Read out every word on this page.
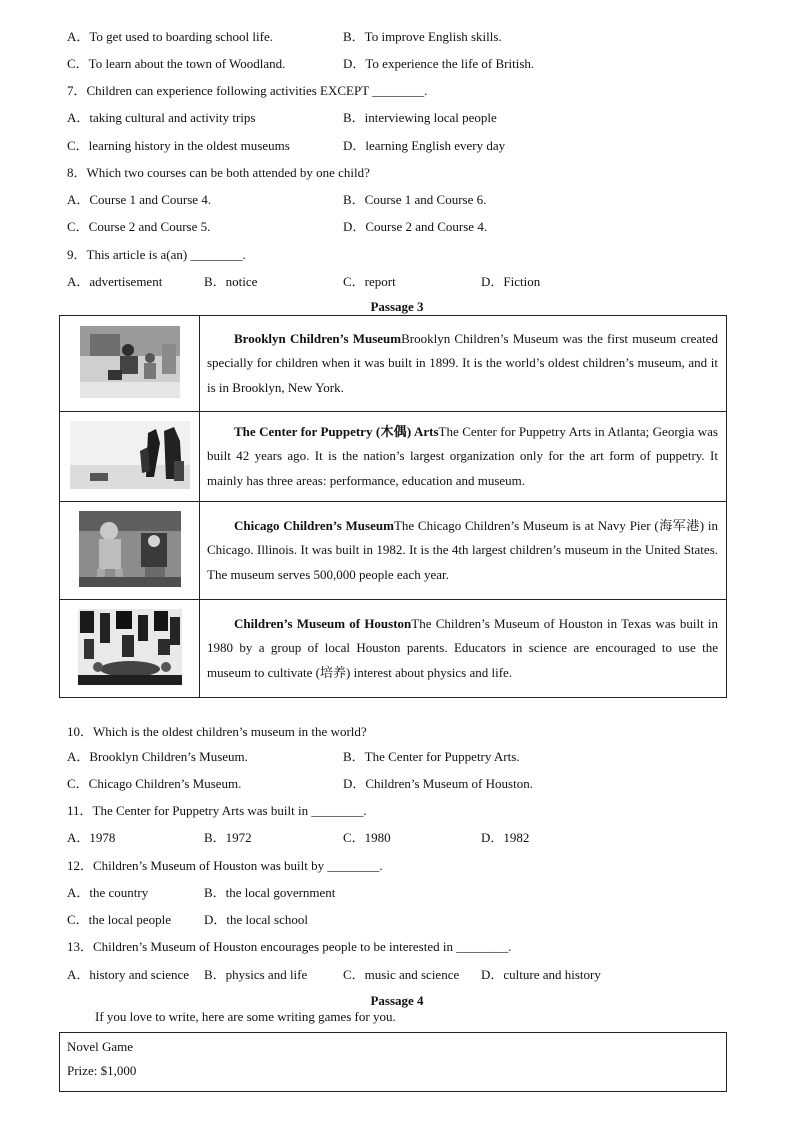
A．To get used to boarding school life.	B．To improve English skills.
C．To learn about the town of Woodland.	D．To experience the life of British.
7．Children can experience following activities EXCEPT ________.
A．taking cultural and activity trips	B．interviewing local people
C．learning history in the oldest museums	D．learning English every day
8．Which two courses can be both attended by one child?
A．Course 1 and Course 4.	B．Course 1 and Course 6.
C．Course 2 and Course 5.	D．Course 2 and Course 4.
9．This article is a(an) ________.
A．advertisement	B．notice	C．report	D．Fiction
Passage 3
	Brooklyn Children’s MuseumBrooklyn Children’s Museum was the first museum created specially for children when it was built in 1899. It is the world’s oldest children’s museum, and it is in Brooklyn, New York.
	The Center for Puppetry (木偶) ArtsThe Center for Puppetry Arts in Atlanta; Georgia was built 42 years ago. It is the nation’s largest organization only for the art form of puppetry. It mainly has three areas: performance, education and museum.
	Chicago Children’s MuseumThe Chicago Children’s Museum is at Navy Pier (海军港) in Chicago. Illinois. It was built in 1982. It is the 4th largest children’s museum in the United States. The museum serves 500,000 people each year.
	Children’s Museum of HoustonThe Children’s Museum of Houston in Texas was built in 1980 by a group of local Houston parents. Educators in science are encouraged to use the museum to cultivate (培养) interest about physics and life.
10．Which is the oldest children’s museum in the world?
A．Brooklyn Children’s Museum.	B．The Center for Puppetry Arts.
C．Chicago Children’s Museum.	D．Children’s Museum of Houston.
11．The Center for Puppetry Arts was built in ________.
A．1978	B．1972	C．1980	D．1982
12．Children’s Museum of Houston was built by ________.
A．the country	B．the local government
C．the local people	D．the local school
13．Children’s Museum of Houston encourages people to be interested in ________.
A．history and science B．physics and life	C．music and science D．culture and history
Passage 4
If you love to write, here are some writing games for you.
Novel Game
Prize: $1,000
